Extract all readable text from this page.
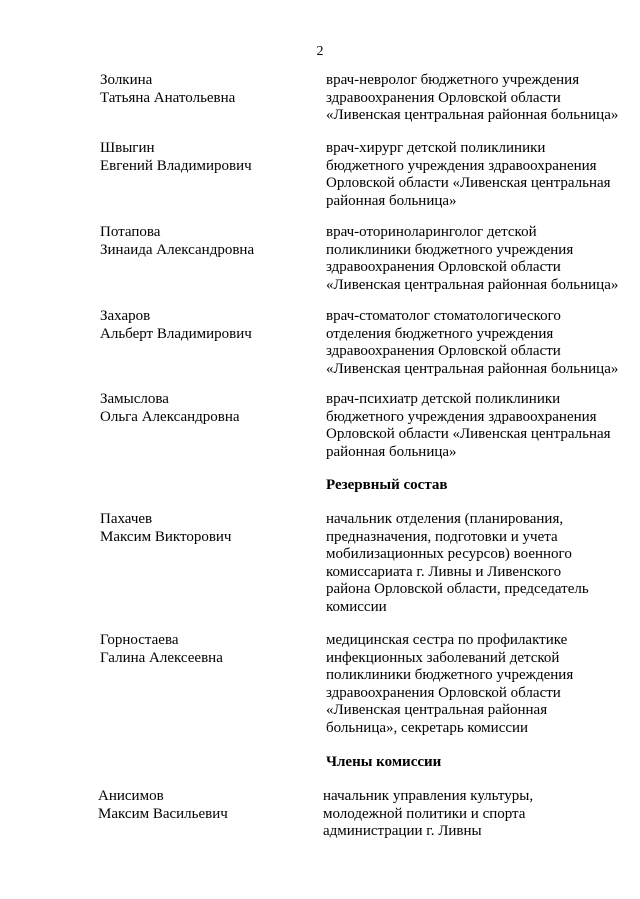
2
Золкина
Татьяна Анатольевна
врач-невролог бюджетного учреждения
здравоохранения Орловской области
«Ливенская центральная районная больница»
Швыгин
Евгений Владимирович
врач-хирург детской поликлиники
бюджетного учреждения здравоохранения
Орловской области «Ливенская центральная
районная больница»
Потапова
Зинаида Александровна
врач-оториноларинголог детской
поликлиники бюджетного учреждения
здравоохранения Орловской области
«Ливенская центральная районная больница»
Захаров
Альберт Владимирович
врач-стоматолог стоматологического
отделения бюджетного учреждения
здравоохранения Орловской области
«Ливенская центральная районная больница»
Замыслова
Ольга Александровна
врач-психиатр детской поликлиники
бюджетного учреждения здравоохранения
Орловской области «Ливенская центральная
районная больница»
Резервный состав
Пахачев
Максим Викторович
начальник отделения (планирования,
предназначения, подготовки и учета
мобилизационных ресурсов) военного
комиссариата г. Ливны и Ливенского
района Орловской области, председатель
комиссии
Горностаева
Галина Алексеевна
медицинская сестра по профилактике
инфекционных заболеваний детской
поликлиники бюджетного учреждения
здравоохранения Орловской области
«Ливенская центральная районная
больница», секретарь комиссии
Члены комиссии
Анисимов
Максим Васильевич
начальник управления культуры,
молодежной политики и спорта
администрации г. Ливны
